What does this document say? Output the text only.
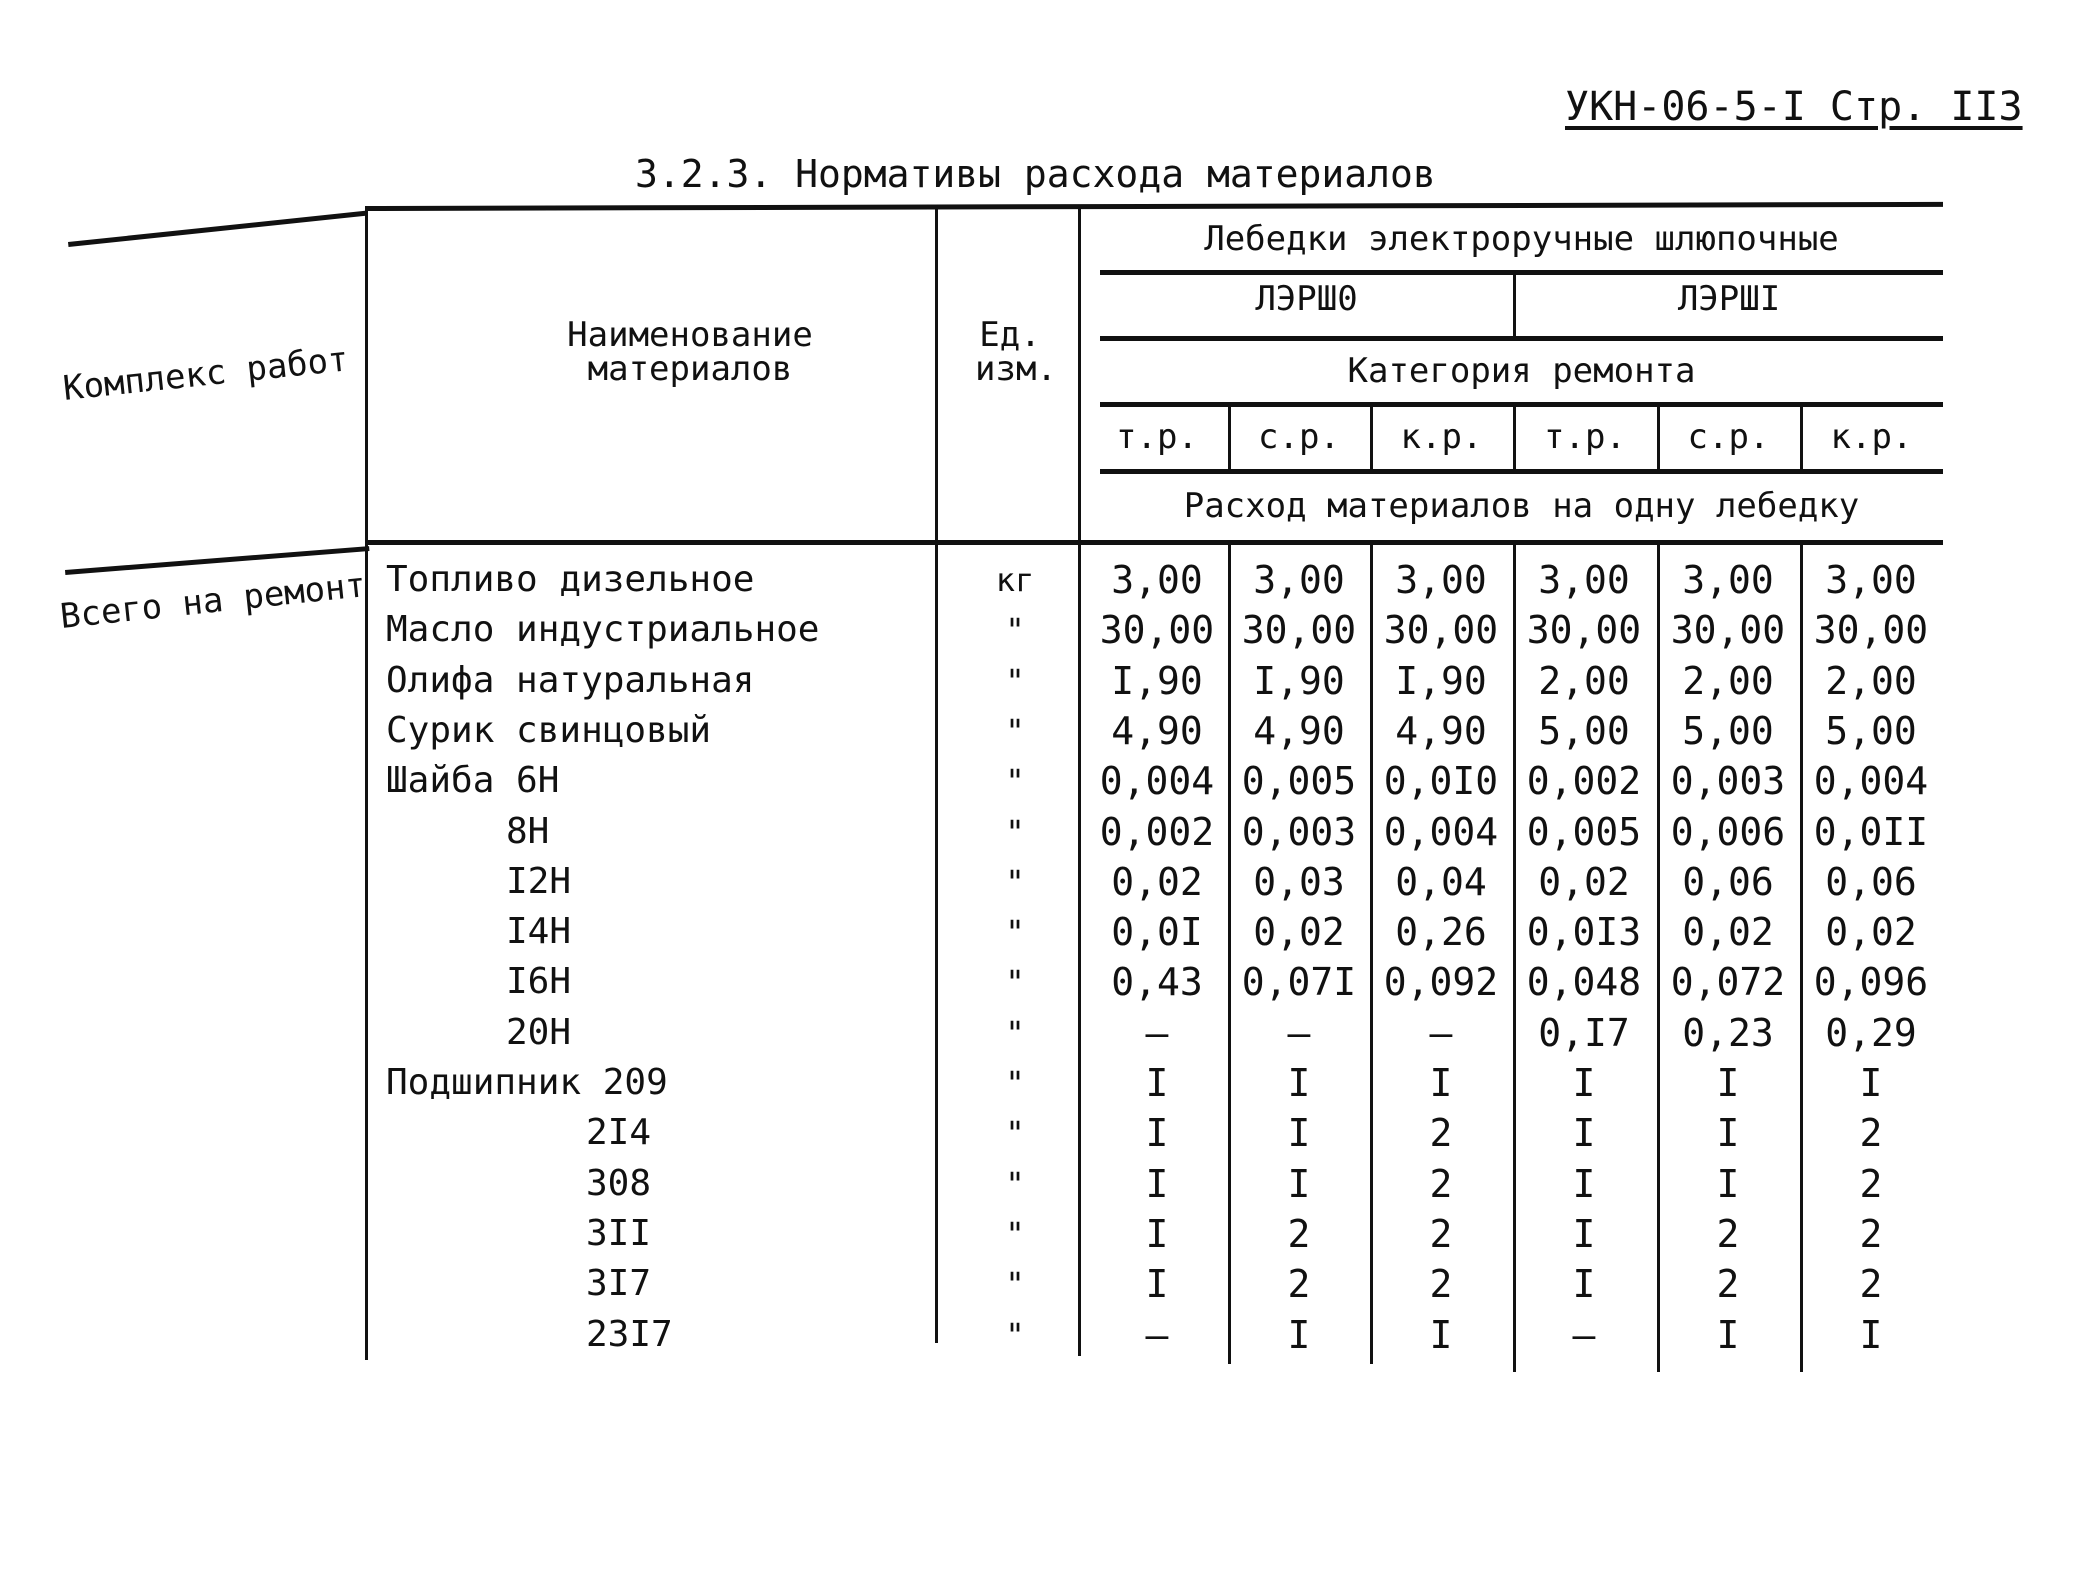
УКН-06-5-I Стр. II3
3.2.3. Нормативы расхода материалов
Комплекс работ
Наименование материалов
Ед. изм.
Лебедки электроручные шлюпочные
ЛЭРШ0	ЛЭРШI
Категория ремонта
т.р.	с.р.	к.р.	т.р.	с.р.	к.р.
Расход материалов на одну лебедку
Всего на ремонт Топливо дизельное	кг	3,00	3,00	3,00	3,00	3,00	3,00
Масло индустриальное	"	30,00 30,00 30,00 30,00 30,00 30,00
Олифа натуральная	"	I,90	I,90	I,90	2,00	2,00	2,00
Сурик свинцовый	"	4,90	4,90	4,90	5,00	5,00	5,00
Шайба 6Н	"	0,004 0,005 0,0I0 0,002 0,003 0,004
8Н	"	0,002 0,003 0,004 0,005 0,006 0,0II
I2Н	"	0,02	0,03	0,04	0,02	0,06	0,06
I4Н	"	0,0I	0,02	0,26	0,0I3	0,02	0,02
I6Н	"	0,43	0,07I 0,092 0,048 0,072 0,096
20Н	"	–	–	–	0,I7	0,23	0,29
Подшипник 209	"	I	I	I	I	I	I
2I4	"	I	I	2	I	I	2
308	"	I	I	2	I	I	2
3II	"	I	2	2	I	2	2
3I7	"	I	2	2	I	2	2
23I7	"	–	I	I	–	I	I
